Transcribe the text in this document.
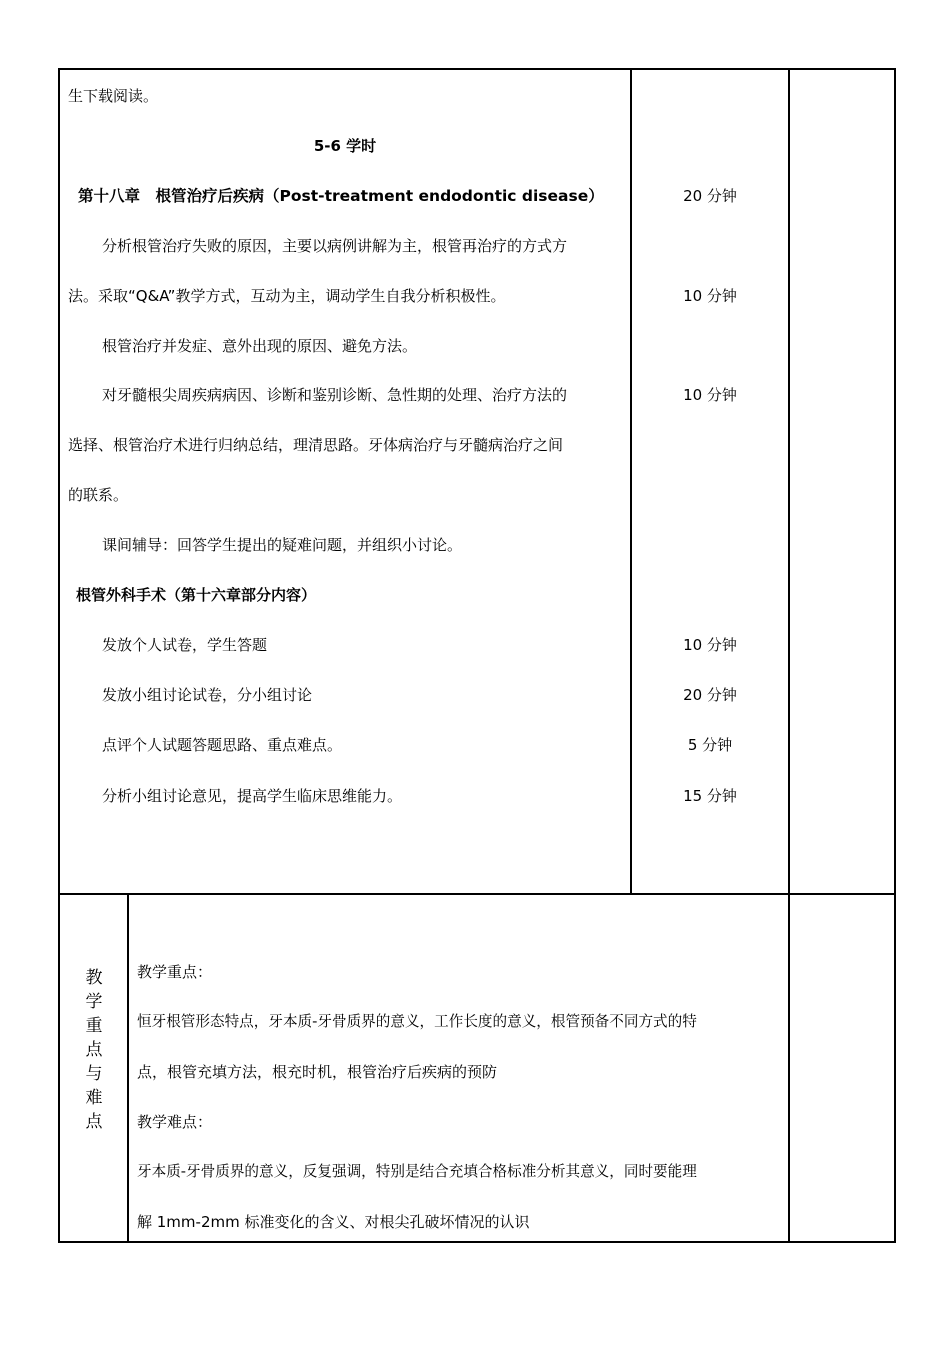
生下载阅读。
5-6 学时
第十八章　根管治疗后疾病（Post-treatment endodontic disease）
分析根管治疗失败的原因，主要以病例讲解为主，根管再治疗的方式方
法。采取“Q&A”教学方式，互动为主，调动学生自我分析积极性。
根管治疗并发症、意外出现的原因、避免方法。
对牙髓根尖周疾病病因、诊断和鉴别诊断、急性期的处理、治疗方法的
选择、根管治疗术进行归纳总结，理清思路。牙体病治疗与牙髓病治疗之间
的联系。
课间辅导：回答学生提出的疑难问题，并组织小讨论。
根管外科手术（第十六章部分内容）
发放个人试卷，学生答题
发放小组讨论试卷，分小组讨论
点评个人试题答题思路、重点难点。
分析小组讨论意见，提高学生临床思维能力。
20 分钟
10 分钟
10 分钟
10 分钟
20 分钟
5 分钟
15 分钟
教
学
重
点
与
难
点
教学重点：
恒牙根管形态特点，牙本质-牙骨质界的意义，工作长度的意义，根管预备不同方式的特
点，根管充填方法，根充时机，根管治疗后疾病的预防
教学难点：
牙本质-牙骨质界的意义，反复强调，特别是结合充填合格标准分析其意义，同时要能理
解 1mm-2mm 标准变化的含义、对根尖孔破坏情况的认识
